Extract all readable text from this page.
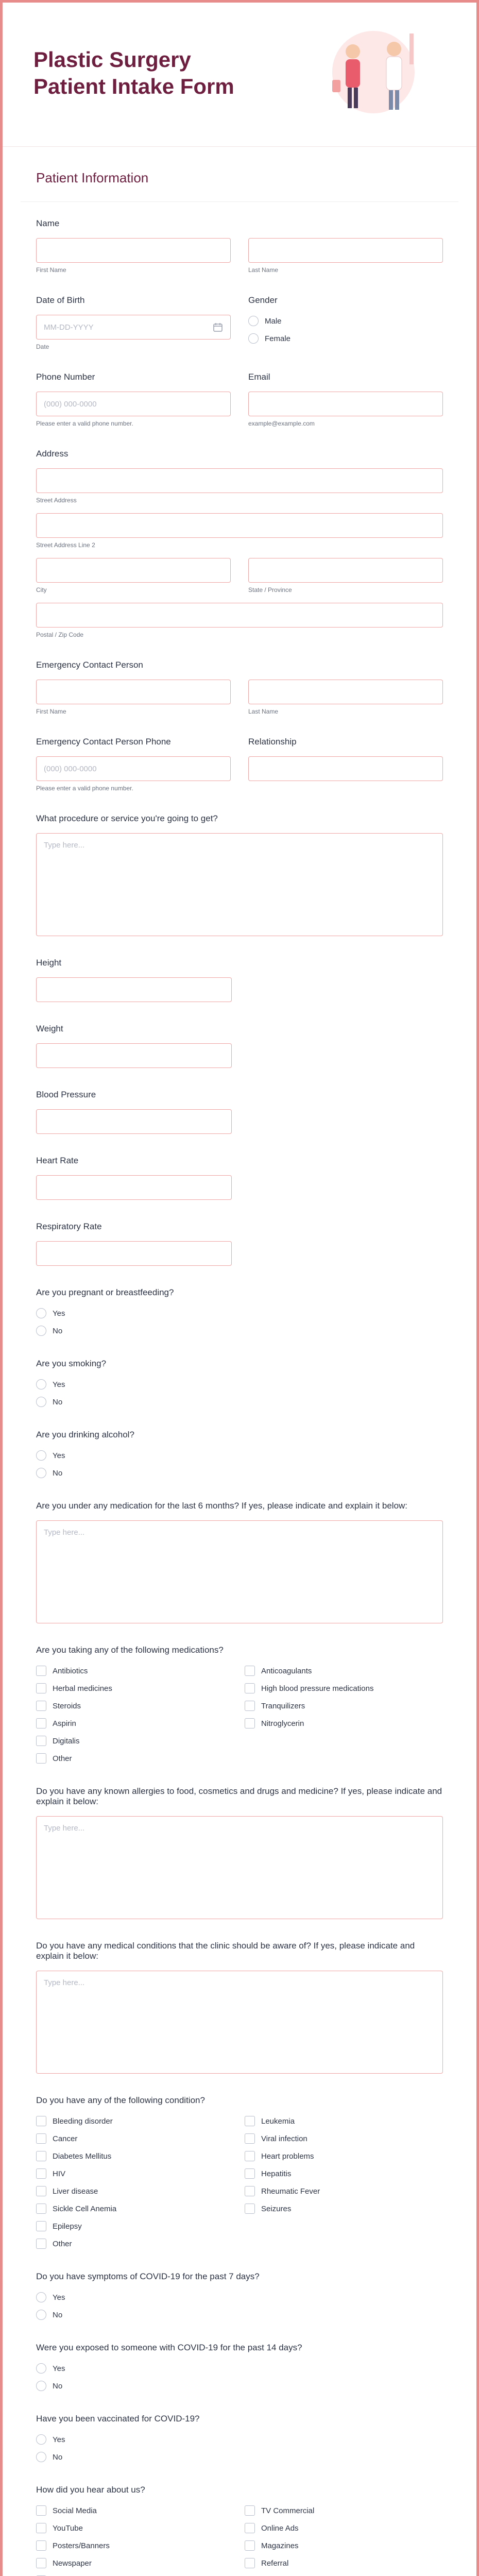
Plastic Surgery Patient Intake Form
Patient Information
Name
First Name	Last Name
Date of Birth
MM-DD-YYYY
Date
Gender
Male
Female
Phone Number
(000) 000-0000
Please enter a valid phone number.
Email
example@example.com
Address
Street Address
Street Address Line 2
City	State / Province
Postal / Zip Code
Emergency Contact Person
First Name	Last Name
Emergency Contact Person Phone
(000) 000-0000
Please enter a valid phone number.
Relationship
What procedure or service you're going to get?
Type here...
Height
Weight
Blood Pressure
Heart Rate
Respiratory Rate
Are you pregnant or breastfeeding?
Yes
No
Are you smoking?
Yes
No
Are you drinking alcohol?
Yes
No
Are you under any medication for the last 6 months? If yes, please indicate and explain it below:
Type here...
Are you taking any of the following medications?
Antibiotics	Anticoagulants
Herbal medicines	High blood pressure medications
Steroids	Tranquilizers
Aspirin	Nitroglycerin
Digitalis
Other
Do you have any known allergies to food, cosmetics and drugs and medicine? If yes, please indicate and explain it below:
Type here...
Do you have any medical conditions that the clinic should be aware of? If yes, please indicate and explain it below:
Type here...
Do you have any of the following condition?
Bleeding disorder	Leukemia
Cancer	Viral infection
Diabetes Mellitus	Heart problems
HIV	Hepatitis
Liver disease	Rheumatic Fever
Sickle Cell Anemia	Seizures
Epilepsy
Other
Do you have symptoms of COVID-19 for the past 7 days?
Yes
No
Were you exposed to someone with COVID-19 for the past 14 days?
Yes
No
Have you been vaccinated for COVID-19?
Yes
No
How did you hear about us?
Social Media	TV Commercial
YouTube	Online Ads
Posters/Banners	Magazines
Newspaper	Referral
